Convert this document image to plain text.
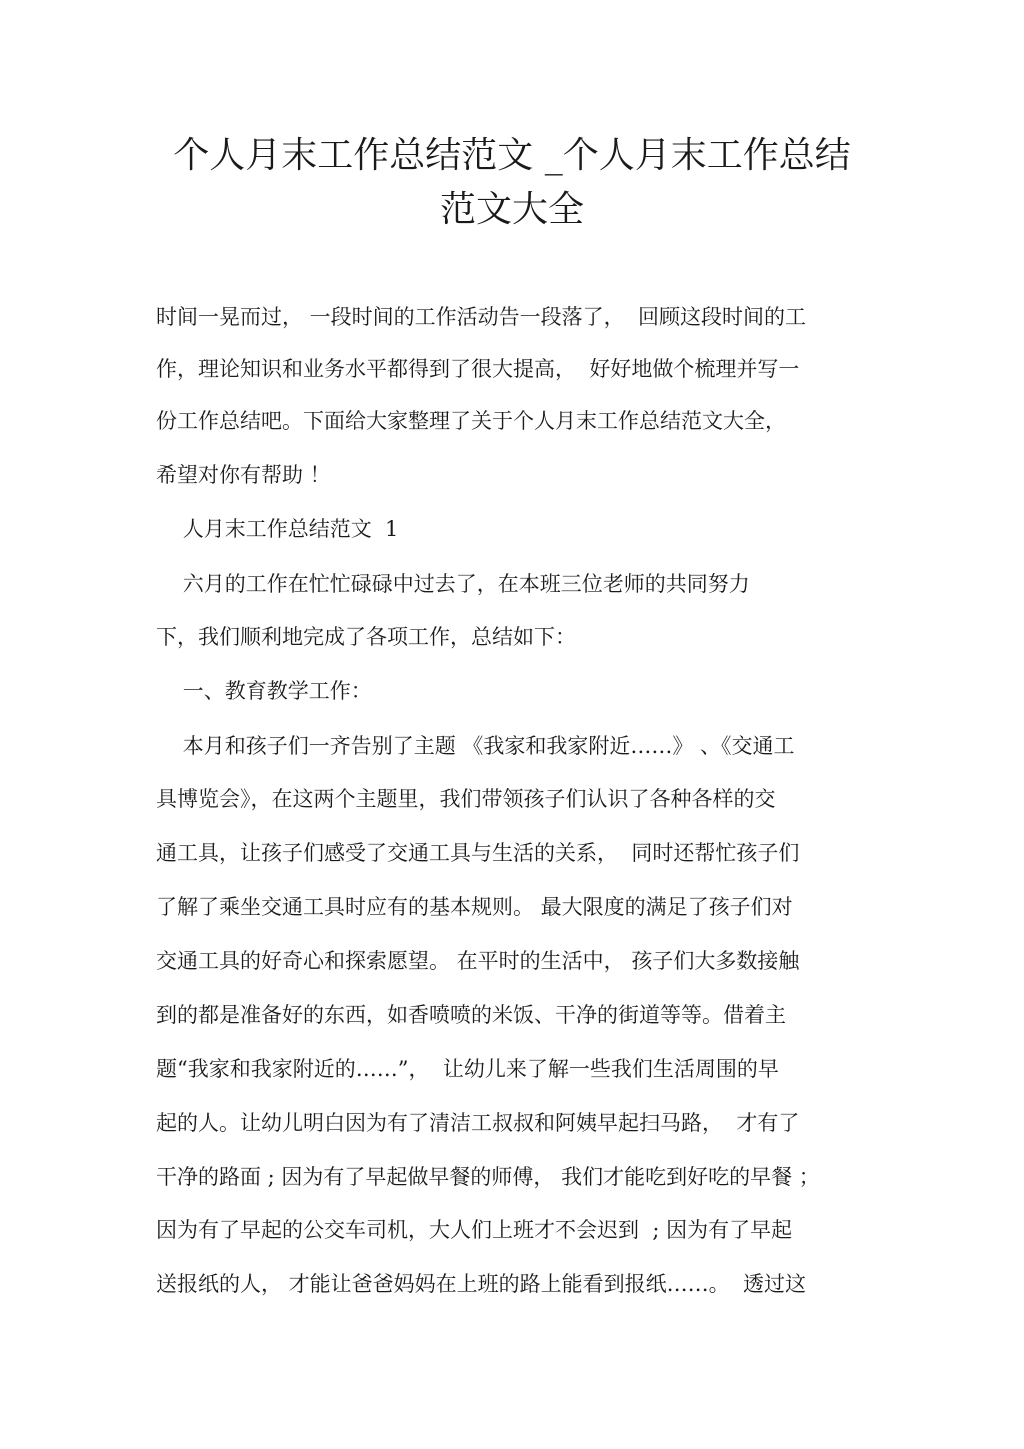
个人月末工作总结范文 _个人月末工作总结
范文大全

时间一晃而过， 一段时间的工作活动告一段落了，  回顾这段时间的工

作，理论知识和业务水平都得到了很大提高，  好好地做个梳理并写一

份工作总结吧。下面给大家整理了关于个人月末工作总结范文大全，

希望对你有帮助 ！

人月末工作总结范文  1

六月的工作在忙忙碌碌中过去了，在本班三位老师的共同努力

下，我们顺利地完成了各项工作，总结如下：

一、教育教学工作：

本月和孩子们一齐告别了主题 《我家和我家附近……》 、《交通工

具博览会》，在这两个主题里，我们带领孩子们认识了各种各样的交

通工具，让孩子们感受了交通工具与生活的关系，  同时还帮忙孩子们

了解了乘坐交通工具时应有的基本规则。 最大限度的满足了孩子们对

交通工具的好奇心和探索愿望。 在平时的生活中， 孩子们大多数接触

到的都是准备好的东西，如香喷喷的米饭、干净的街道等等。借着主

题“我家和我家附近的……”，  让幼儿来了解一些我们生活周围的早

起的人。让幼儿明白因为有了清洁工叔叔和阿姨早起扫马路，  才有了

干净的路面 ; 因为有了早起做早餐的师傅， 我们才能吃到好吃的早餐 ；

因为有了早起的公交车司机，大人们上班才不会迟到  ; 因为有了早起

送报纸的人， 才能让爸爸妈妈在上班的路上能看到报纸……。  透过这
